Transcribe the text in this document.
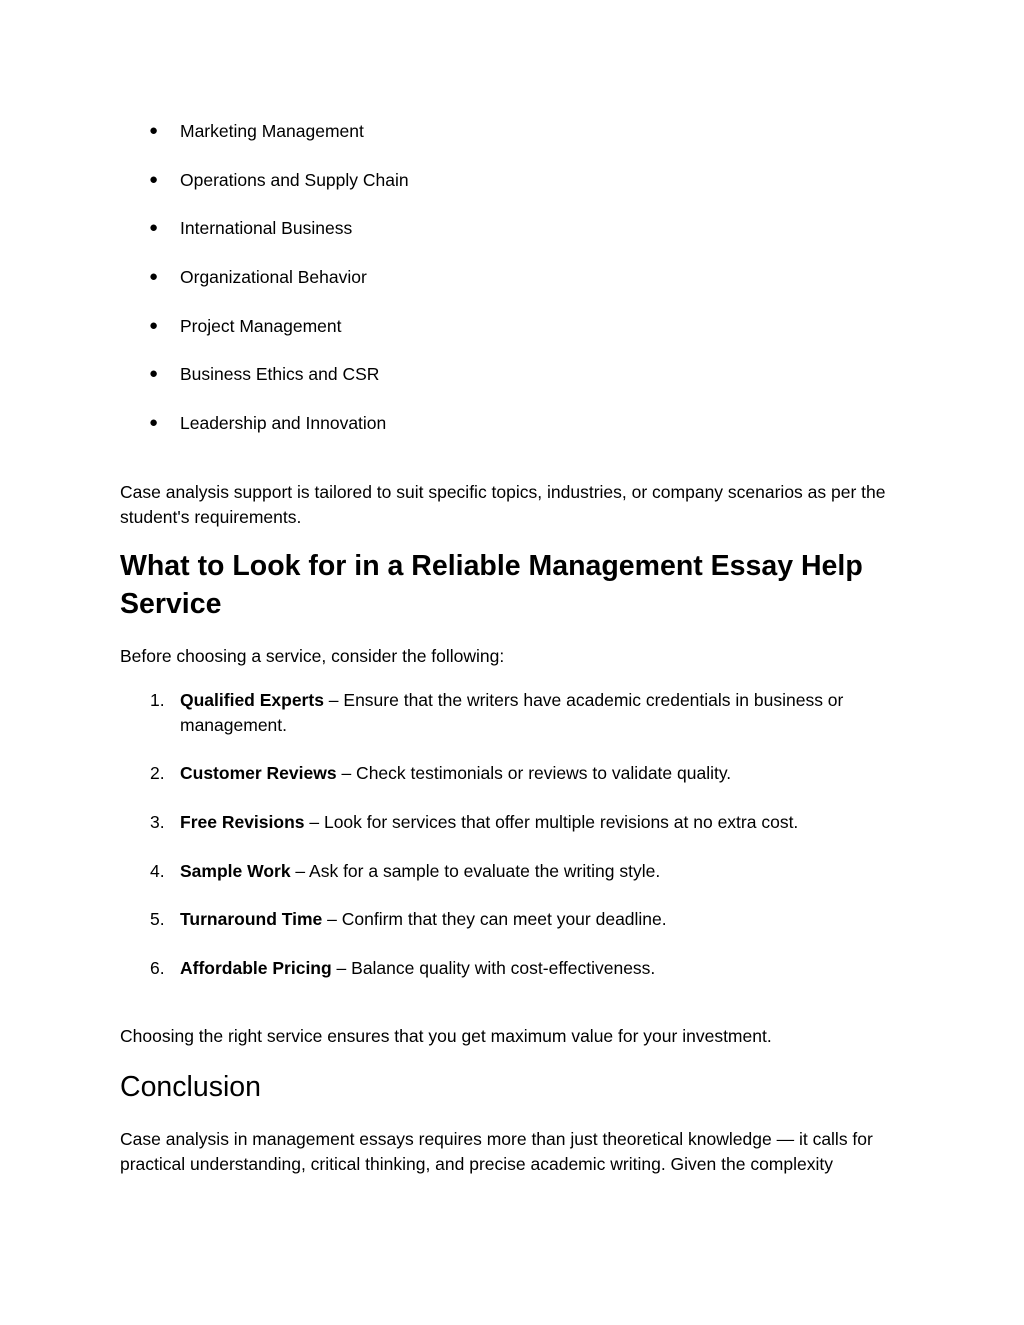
● Marketing Management
● Operations and Supply Chain
● International Business
● Organizational Behavior
● Project Management
● Business Ethics and CSR
● Leadership and Innovation

Case analysis support is tailored to suit specific topics, industries, or company scenarios as per the student's requirements.

What to Look for in a Reliable Management Essay Help Service

Before choosing a service, consider the following:

1. Qualified Experts – Ensure that the writers have academic credentials in business or management.
2. Customer Reviews – Check testimonials or reviews to validate quality.
3. Free Revisions – Look for services that offer multiple revisions at no extra cost.
4. Sample Work – Ask for a sample to evaluate the writing style.
5. Turnaround Time – Confirm that they can meet your deadline.
6. Affordable Pricing – Balance quality with cost-effectiveness.

Choosing the right service ensures that you get maximum value for your investment.

Conclusion

Case analysis in management essays requires more than just theoretical knowledge — it calls for practical understanding, critical thinking, and precise academic writing. Given the complexity
